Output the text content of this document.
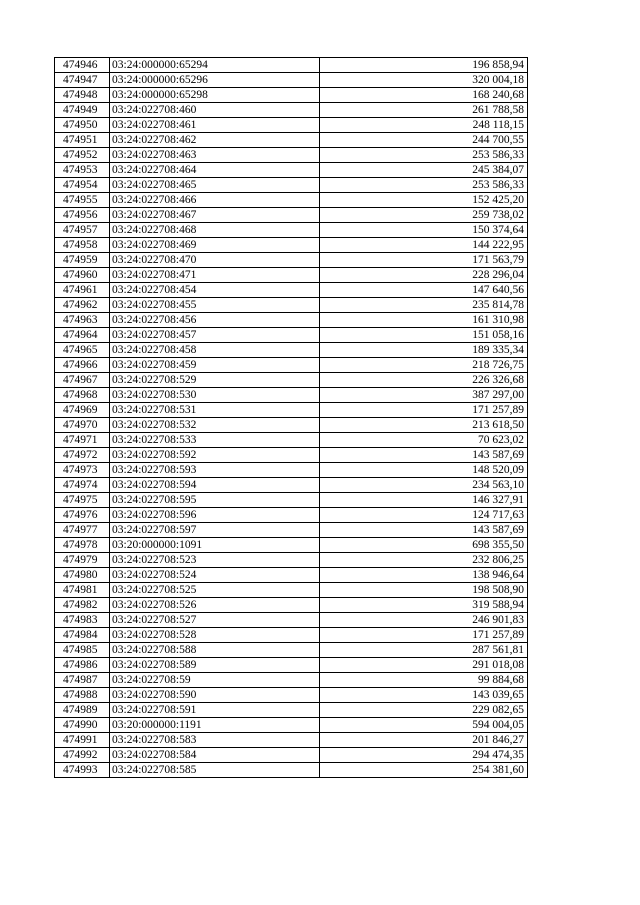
474946	03:24:000000:65294	196 858,94
474947	03:24:000000:65296	320 004,18
474948	03:24:000000:65298	168 240,68
474949	03:24:022708:460	261 788,58
474950	03:24:022708:461	248 118,15
474951	03:24:022708:462	244 700,55
474952	03:24:022708:463	253 586,33
474953	03:24:022708:464	245 384,07
474954	03:24:022708:465	253 586,33
474955	03:24:022708:466	152 425,20
474956	03:24:022708:467	259 738,02
474957	03:24:022708:468	150 374,64
474958	03:24:022708:469	144 222,95
474959	03:24:022708:470	171 563,79
474960	03:24:022708:471	228 296,04
474961	03:24:022708:454	147 640,56
474962	03:24:022708:455	235 814,78
474963	03:24:022708:456	161 310,98
474964	03:24:022708:457	151 058,16
474965	03:24:022708:458	189 335,34
474966	03:24:022708:459	218 726,75
474967	03:24:022708:529	226 326,68
474968	03:24:022708:530	387 297,00
474969	03:24:022708:531	171 257,89
474970	03:24:022708:532	213 618,50
474971	03:24:022708:533	70 623,02
474972	03:24:022708:592	143 587,69
474973	03:24:022708:593	148 520,09
474974	03:24:022708:594	234 563,10
474975	03:24:022708:595	146 327,91
474976	03:24:022708:596	124 717,63
474977	03:24:022708:597	143 587,69
474978	03:20:000000:1091	698 355,50
474979	03:24:022708:523	232 806,25
474980	03:24:022708:524	138 946,64
474981	03:24:022708:525	198 508,90
474982	03:24:022708:526	319 588,94
474983	03:24:022708:527	246 901,83
474984	03:24:022708:528	171 257,89
474985	03:24:022708:588	287 561,81
474986	03:24:022708:589	291 018,08
474987	03:24:022708:59	99 884,68
474988	03:24:022708:590	143 039,65
474989	03:24:022708:591	229 082,65
474990	03:20:000000:1191	594 004,05
474991	03:24:022708:583	201 846,27
474992	03:24:022708:584	294 474,35
474993	03:24:022708:585	254 381,60
